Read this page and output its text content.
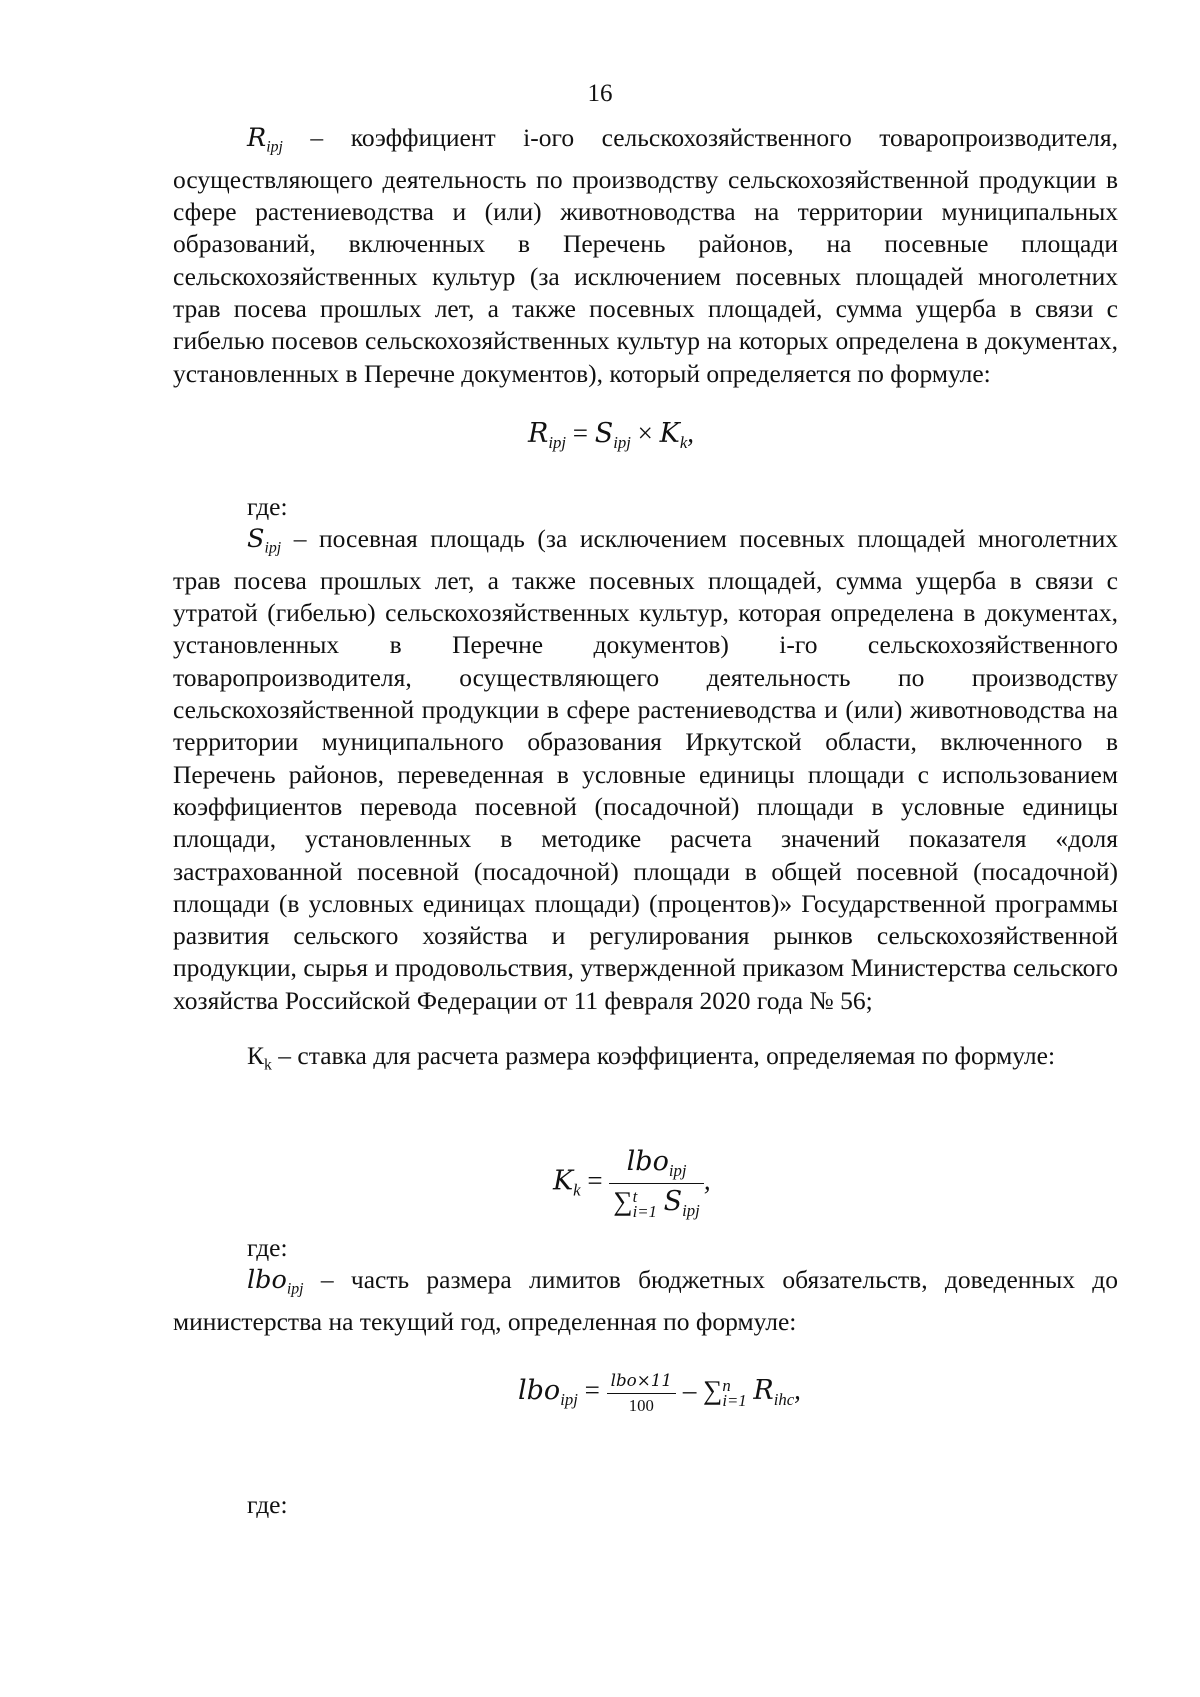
16

$R_{ipj}$ – коэффициент i-ого сельскохозяйственного товаропроизводителя, осуществляющего деятельность по производству сельскохозяйственной продукции в сфере растениеводства и (или) животноводства на территории муниципальных образований, включенных в Перечень районов, на посевные площади сельскохозяйственных культур (за исключением посевных площадей многолетних трав посева прошлых лет, а также посевных площадей, сумма ущерба в связи с гибелью посевов сельскохозяйственных культур на которых определена в документах, установленных в Перечне документов), который определяется по формуле:

$R_{ipj} = S_{ipj} \times K_k$,
где:

$S_{ipj}$ – посевная площадь (за исключением посевных площадей многолетних трав посева прошлых лет, а также посевных площадей, сумма ущерба в связи с утратой (гибелью) сельскохозяйственных культур, которая определена в документах, установленных в Перечне документов) i-го сельскохозяйственного товаропроизводителя, осуществляющего деятельность по производству сельскохозяйственной продукции в сфере растениеводства и (или) животноводства на территории муниципального образования Иркутской области, включенного в Перечень районов, переведенная в условные единицы площади с использованием коэффициентов перевода посевной (посадочной) площади в условные единицы площади, установленных в методике расчета значений показателя «доля застрахованной посевной (посадочной) площади в общей посевной (посадочной) площади (в условных единицах площади) (процентов)» Государственной программы развития сельского хозяйства и регулирования рынков сельскохозяйственной продукции, сырья и продовольствия, утвержденной приказом Министерства сельского хозяйства Российской Федерации от 11 февраля 2020 года № 56;

$К_k$ – ставка для расчета размера коэффициента, определяемая по формуле:

$K_k = lbo_{ipj}$
∑ t
i=1 $S_{ipj}$ ,
где:

lbo$_{ipj}$ – часть размера лимитов бюджетных обязательств, доведенных до министерства на текущий год, определенная по формуле:

$lbo_{ipj} = \frac{\text{lbo×11}}{100}$ – ∑ n
i=1 $R_{ihc}$,
где:
